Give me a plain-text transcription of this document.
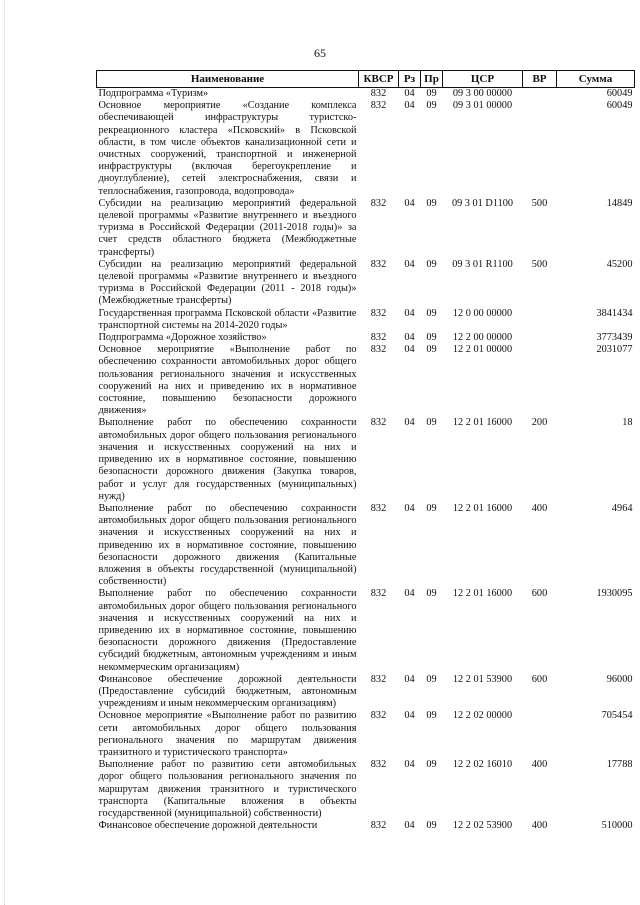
65
Наименование	КВСР	Рз	Пр	ЦСР	ВР	Сумма
Подпрограмма «Туризм»	832	04	09	09 3 00 00000		60049
Основное мероприятие «Создание комплекса обеспечивающей инфраструктуры туристско-рекреационного кластера «Псковский» в Псковской области, в том числе объектов канализационной сети и очистных сооружений, транспортной и инженерной инфраструктуры (включая берегоукрепление и дноуглубление), сетей электроснабжения, связи и теплоснабжения, газопровода, водопровода»	832	04	09	09 3 01 00000		60049
Субсидии на реализацию мероприятий федеральной целевой программы «Развитие внутреннего и въездного туризма в Российской Федерации (2011-2018 годы)» за счет средств областного бюджета (Межбюджетные трансферты)	832	04	09	09 3 01 D1100	500	14849
Субсидии на реализацию мероприятий федеральной целевой программы «Развитие внутреннего и въездного туризма в Российской Федерации (2011 - 2018 годы)» (Межбюджетные трансферты)	832	04	09	09 3 01 R1100	500	45200
Государственная программа Псковской области «Развитие транспортной системы на 2014-2020 годы»	832	04	09	12 0 00 00000		3841434
Подпрограмма «Дорожное хозяйство»	832	04	09	12 2 00 00000		3773439
Основное мероприятие «Выполнение работ по обеспечению сохранности автомобильных дорог общего пользования регионального значения и искусственных сооружений на них и приведению их в нормативное состояние, повышению безопасности дорожного движения»	832	04	09	12 2 01 00000		2031077
Выполнение работ по обеспечению сохранности автомобильных дорог общего пользования регионального значения и искусственных сооружений на них и приведению их в нормативное состояние, повышению безопасности дорожного движения (Закупка товаров, работ и услуг для государственных (муниципальных) нужд)	832	04	09	12 2 01 16000	200	18
Выполнение работ по обеспечению сохранности автомобильных дорог общего пользования регионального значения и искусственных сооружений на них и приведению их в нормативное состояние, повышению безопасности дорожного движения (Капитальные вложения в объекты государственной (муниципальной) собственности)	832	04	09	12 2 01 16000	400	4964
Выполнение работ по обеспечению сохранности автомобильных дорог общего пользования регионального значения и искусственных сооружений на них и приведению их в нормативное состояние, повышению безопасности дорожного движения (Предоставление субсидий бюджетным, автономным учреждениям и иным некоммерческим организациям)	832	04	09	12 2 01 16000	600	1930095
Финансовое обеспечение дорожной деятельности (Предоставление субсидий бюджетным, автономным учреждениям и иным некоммерческим организациям)	832	04	09	12 2 01 53900	600	96000
Основное мероприятие «Выполнение работ по развитию сети автомобильных дорог общего пользования регионального значения по маршрутам движения транзитного и туристического транспорта»	832	04	09	12 2 02 00000		705454
Выполнение работ по развитию сети автомобильных дорог общего пользования регионального значения по маршрутам движения транзитного и туристического транспорта (Капитальные вложения в объекты государственной (муниципальной) собственности)	832	04	09	12 2 02 16010	400	17788
Финансовое обеспечение дорожной деятельности	832	04	09	12 2 02 53900	400	510000
